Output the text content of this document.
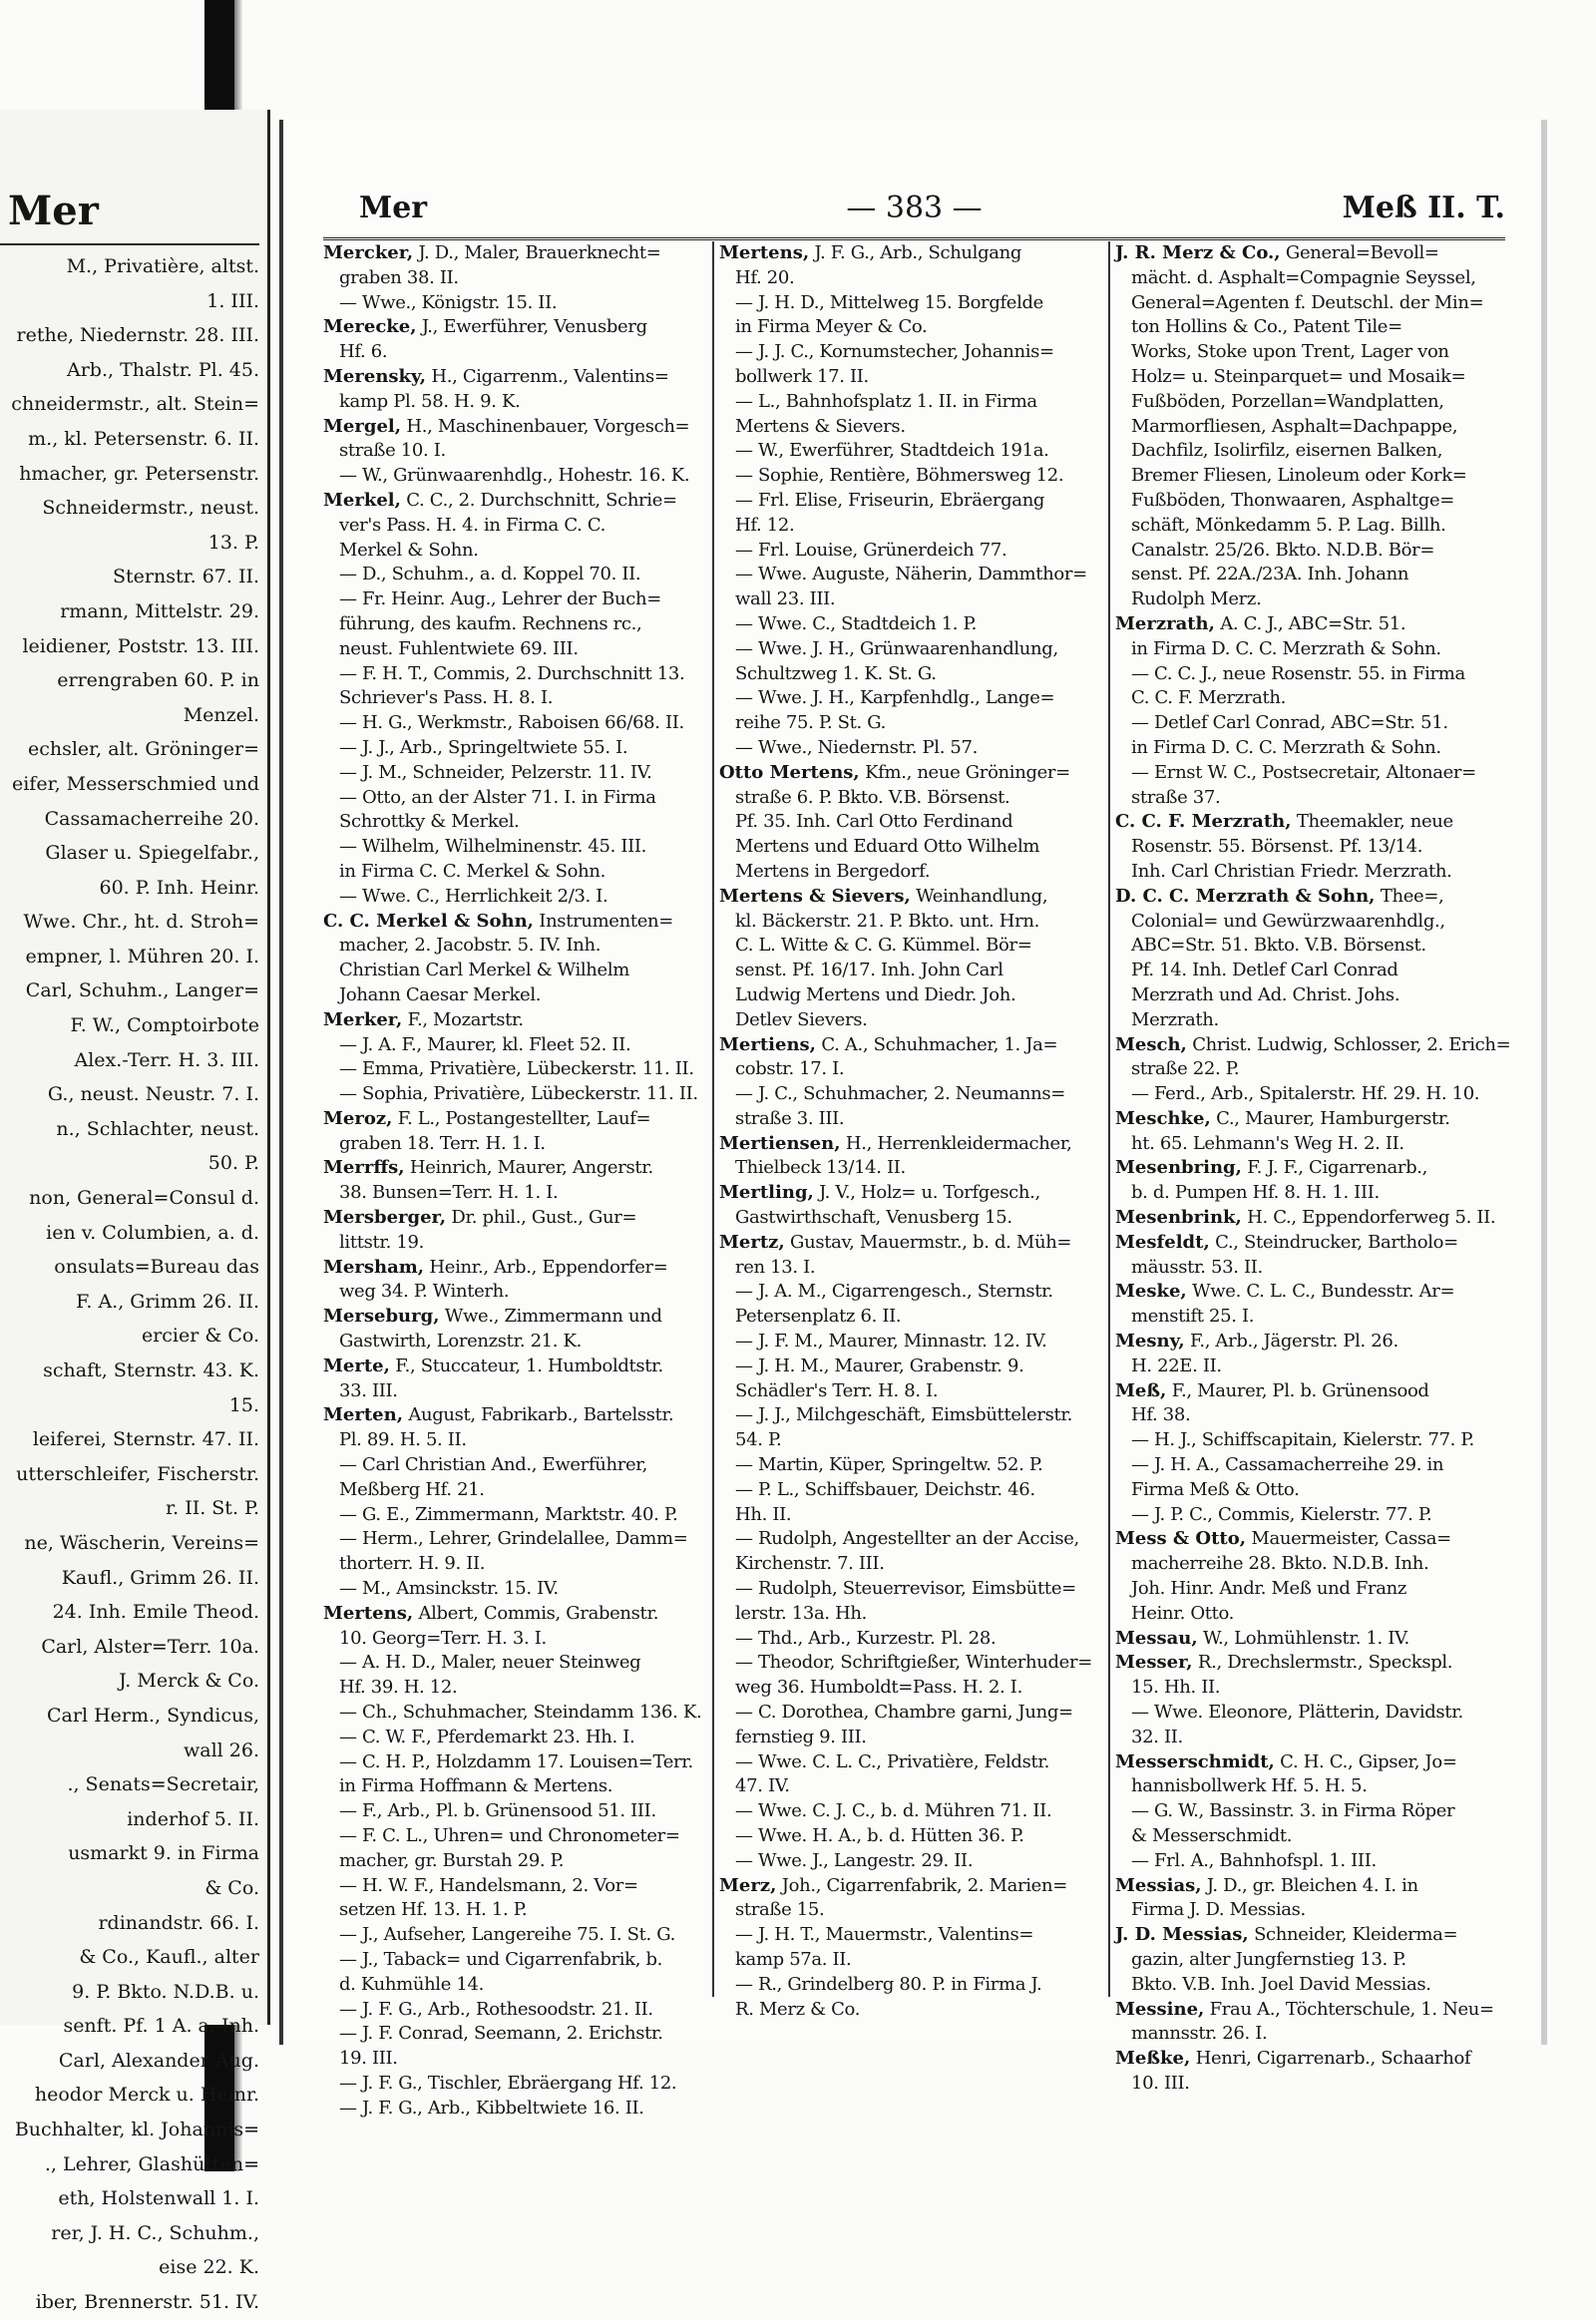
Mer
M., Privatière, altst.
1. III.
rethe, Niedernstr. 28. III.
Arb., Thalstr. Pl. 45.
chneidermstr., alt. Stein=
m., kl. Petersenstr. 6. II.
hmacher, gr. Petersenstr.
Schneidermstr., neust.
13. P.
Sternstr. 67. II.
rmann, Mittelstr. 29.
leidiener, Poststr. 13. III.
errengraben 60. P. in
Menzel.
echsler, alt. Gröninger=
eifer, Messerschmied und
Cassamacherreihe 20.
Glaser u. Spiegelfabr.,
60. P. Inh. Heinr.
Wwe. Chr., ht. d. Stroh=
empner, l. Mühren 20. I.
Carl, Schuhm., Langer=
F. W., Comptoirbote
Alex.-Terr. H. 3. III.
G., neust. Neustr. 7. I.
n., Schlachter, neust.
50. P.
non, General=Consul d.
ien v. Columbien, a. d.
onsulats=Bureau das
F. A., Grimm 26. II.
ercier & Co.
schaft, Sternstr. 43. K.
15.
leiferei, Sternstr. 47. II.
utterschleifer, Fischerstr.
r. II. St. P.
ne, Wäscherin, Vereins=
Kaufl., Grimm 26. II.
24. Inh. Emile Theod.
Carl, Alster=Terr. 10a.
J. Merck & Co.
Carl Herm., Syndicus,
wall 26.
., Senats=Secretair,
inderhof 5. II.
usmarkt 9. in Firma
& Co.
rdinandstr. 66. I.
& Co., Kaufl., alter
9. P. Bkto. N.D.B. u.
senft. Pf. 1 A. a. Inh.
Carl, Alexander Aug.
heodor Merck u. Heinr.
Buchhalter, kl. Johannis=
., Lehrer, Glashütten=
eth, Holstenwall 1. I.
rer, J. H. C., Schuhm.,
eise 22. K.
iber, Brennerstr. 51. IV.
Mer	— 383 —	Meß II. T.
Mercker, J. D., Maler, Brauerknecht=
graben 38. II.
— Wwe., Königstr. 15. II.
Merecke, J., Ewerführer, Venusberg
Hf. 6.
Merensky, H., Cigarrenm., Valentins=
kamp Pl. 58. H. 9. K.
Mergel, H., Maschinenbauer, Vorgesch=
straße 10. I.
— W., Grünwaarenhdlg., Hohestr. 16. K.
Merkel, C. C., 2. Durchschnitt, Schrie=
ver's Pass. H. 4. in Firma C. C.
Merkel & Sohn.
— D., Schuhm., a. d. Koppel 70. II.
— Fr. Heinr. Aug., Lehrer der Buch=
führung, des kaufm. Rechnens rc.,
neust. Fuhlentwiete 69. III.
— F. H. T., Commis, 2. Durchschnitt 13.
Schriever's Pass. H. 8. I.
— H. G., Werkmstr., Raboisen 66/68. II.
— J. J., Arb., Springeltwiete 55. I.
— J. M., Schneider, Pelzerstr. 11. IV.
— Otto, an der Alster 71. I. in Firma
Schrottky & Merkel.
— Wilhelm, Wilhelminenstr. 45. III.
in Firma C. C. Merkel & Sohn.
— Wwe. C., Herrlichkeit 2/3. I.
C. C. Merkel & Sohn, Instrumenten=
macher, 2. Jacobstr. 5. IV. Inh.
Christian Carl Merkel & Wilhelm
Johann Caesar Merkel.
Merker, F., Mozartstr.
— J. A. F., Maurer, kl. Fleet 52. II.
— Emma, Privatière, Lübeckerstr. 11. II.
— Sophia, Privatière, Lübeckerstr. 11. II.
Meroz, F. L., Postangestellter, Lauf=
graben 18. Terr. H. 1. I.
Merrffs, Heinrich, Maurer, Angerstr.
38. Bunsen=Terr. H. 1. I.
Mersberger, Dr. phil., Gust., Gur=
littstr. 19.
Mersham, Heinr., Arb., Eppendorfer=
weg 34. P. Winterh.
Merseburg, Wwe., Zimmermann und
Gastwirth, Lorenzstr. 21. K.
Merte, F., Stuccateur, 1. Humboldtstr.
33. III.
Merten, August, Fabrikarb., Bartelsstr.
Pl. 89. H. 5. II.
— Carl Christian And., Ewerführer,
Meßberg Hf. 21.
— G. E., Zimmermann, Marktstr. 40. P.
— Herm., Lehrer, Grindelallee, Damm=
thorterr. H. 9. II.
— M., Amsinckstr. 15. IV.
Mertens, Albert, Commis, Grabenstr.
10. Georg=Terr. H. 3. I.
— A. H. D., Maler, neuer Steinweg
Hf. 39. H. 12.
— Ch., Schuhmacher, Steindamm 136. K.
— C. W. F., Pferdemarkt 23. Hh. I.
— C. H. P., Holzdamm 17. Louisen=Terr.
in Firma Hoffmann & Mertens.
— F., Arb., Pl. b. Grünensood 51. III.
— F. C. L., Uhren= und Chronometer=
macher, gr. Burstah 29. P.
— H. W. F., Handelsmann, 2. Vor=
setzen Hf. 13. H. 1. P.
— J., Aufseher, Langereihe 75. I. St. G.
— J., Taback= und Cigarrenfabrik, b.
d. Kuhmühle 14.
— J. F. G., Arb., Rothesoodstr. 21. II.
— J. F. Conrad, Seemann, 2. Erichstr.
19. III.
— J. F. G., Tischler, Ebräergang Hf. 12.
— J. F. G., Arb., Kibbeltwiete 16. II.
Mertens, J. F. G., Arb., Schulgang
Hf. 20.
— J. H. D., Mittelweg 15. Borgfelde
in Firma Meyer & Co.
— J. J. C., Kornumstecher, Johannis=
bollwerk 17. II.
— L., Bahnhofsplatz 1. II. in Firma
Mertens & Sievers.
— W., Ewerführer, Stadtdeich 191a.
— Sophie, Rentière, Böhmersweg 12.
— Frl. Elise, Friseurin, Ebräergang
Hf. 12.
— Frl. Louise, Grünerdeich 77.
— Wwe. Auguste, Näherin, Dammthor=
wall 23. III.
— Wwe. C., Stadtdeich 1. P.
— Wwe. J. H., Grünwaarenhandlung,
Schultzweg 1. K. St. G.
— Wwe. J. H., Karpfenhdlg., Lange=
reihe 75. P. St. G.
— Wwe., Niedernstr. Pl. 57.
Otto Mertens, Kfm., neue Gröninger=
straße 6. P. Bkto. V.B. Börsenst.
Pf. 35. Inh. Carl Otto Ferdinand
Mertens und Eduard Otto Wilhelm
Mertens in Bergedorf.
Mertens & Sievers, Weinhandlung,
kl. Bäckerstr. 21. P. Bkto. unt. Hrn.
C. L. Witte & C. G. Kümmel. Bör=
senst. Pf. 16/17. Inh. John Carl
Ludwig Mertens und Diedr. Joh.
Detlev Sievers.
Mertiens, C. A., Schuhmacher, 1. Ja=
cobstr. 17. I.
— J. C., Schuhmacher, 2. Neumanns=
straße 3. III.
Mertiensen, H., Herrenkleidermacher,
Thielbeck 13/14. II.
Mertling, J. V., Holz= u. Torfgesch.,
Gastwirthschaft, Venusberg 15.
Mertz, Gustav, Mauermstr., b. d. Müh=
ren 13. I.
— J. A. M., Cigarrengesch., Sternstr.
Petersenplatz 6. II.
— J. F. M., Maurer, Minnastr. 12. IV.
— J. H. M., Maurer, Grabenstr. 9.
Schädler's Terr. H. 8. I.
— J. J., Milchgeschäft, Eimsbüttelerstr.
54. P.
— Martin, Küper, Springeltw. 52. P.
— P. L., Schiffsbauer, Deichstr. 46.
Hh. II.
— Rudolph, Angestellter an der Accise,
Kirchenstr. 7. III.
— Rudolph, Steuerrevisor, Eimsbütte=
lerstr. 13a. Hh.
— Thd., Arb., Kurzestr. Pl. 28.
— Theodor, Schriftgießer, Winterhuder=
weg 36. Humboldt=Pass. H. 2. I.
— C. Dorothea, Chambre garni, Jung=
fernstieg 9. III.
— Wwe. C. L. C., Privatière, Feldstr.
47. IV.
— Wwe. C. J. C., b. d. Mühren 71. II.
— Wwe. H. A., b. d. Hütten 36. P.
— Wwe. J., Langestr. 29. II.
Merz, Joh., Cigarrenfabrik, 2. Marien=
straße 15.
— J. H. T., Mauermstr., Valentins=
kamp 57a. II.
— R., Grindelberg 80. P. in Firma J.
R. Merz & Co.
J. R. Merz & Co., General=Bevoll=
mächt. d. Asphalt=Compagnie Seyssel,
General=Agenten f. Deutschl. der Min=
ton Hollins & Co., Patent Tile=
Works, Stoke upon Trent, Lager von
Holz= u. Steinparquet= und Mosaik=
Fußböden, Porzellan=Wandplatten,
Marmorfliesen, Asphalt=Dachpappe,
Dachfilz, Isolirfilz, eisernen Balken,
Bremer Fliesen, Linoleum oder Kork=
Fußböden, Thonwaaren, Asphaltge=
schäft, Mönkedamm 5. P. Lag. Billh.
Canalstr. 25/26. Bkto. N.D.B. Bör=
senst. Pf. 22A./23A. Inh. Johann
Rudolph Merz.
Merzrath, A. C. J., ABC=Str. 51.
in Firma D. C. C. Merzrath & Sohn.
— C. C. J., neue Rosenstr. 55. in Firma
C. C. F. Merzrath.
— Detlef Carl Conrad, ABC=Str. 51.
in Firma D. C. C. Merzrath & Sohn.
— Ernst W. C., Postsecretair, Altonaer=
straße 37.
C. C. F. Merzrath, Theemakler, neue
Rosenstr. 55. Börsenst. Pf. 13/14.
Inh. Carl Christian Friedr. Merzrath.
D. C. C. Merzrath & Sohn, Thee=,
Colonial= und Gewürzwaarenhdlg.,
ABC=Str. 51. Bkto. V.B. Börsenst.
Pf. 14. Inh. Detlef Carl Conrad
Merzrath und Ad. Christ. Johs.
Merzrath.
Mesch, Christ. Ludwig, Schlosser, 2. Erich=
straße 22. P.
— Ferd., Arb., Spitalerstr. Hf. 29. H. 10.
Meschke, C., Maurer, Hamburgerstr.
ht. 65. Lehmann's Weg H. 2. II.
Mesenbring, F. J. F., Cigarrenarb.,
b. d. Pumpen Hf. 8. H. 1. III.
Mesenbrink, H. C., Eppendorferweg 5. II.
Mesfeldt, C., Steindrucker, Bartholo=
mäusstr. 53. II.
Meske, Wwe. C. L. C., Bundesstr. Ar=
menstift 25. I.
Mesny, F., Arb., Jägerstr. Pl. 26.
H. 22E. II.
Meß, F., Maurer, Pl. b. Grünensood
Hf. 38.
— H. J., Schiffscapitain, Kielerstr. 77. P.
— J. H. A., Cassamacherreihe 29. in
Firma Meß & Otto.
— J. P. C., Commis, Kielerstr. 77. P.
Mess & Otto, Mauermeister, Cassa=
macherreihe 28. Bkto. N.D.B. Inh.
Joh. Hinr. Andr. Meß und Franz
Heinr. Otto.
Messau, W., Lohmühlenstr. 1. IV.
Messer, R., Drechslermstr., Speckspl.
15. Hh. II.
— Wwe. Eleonore, Plätterin, Davidstr.
32. II.
Messerschmidt, C. H. C., Gipser, Jo=
hannisbollwerk Hf. 5. H. 5.
— G. W., Bassinstr. 3. in Firma Röper
& Messerschmidt.
— Frl. A., Bahnhofspl. 1. III.
Messias, J. D., gr. Bleichen 4. I. in
Firma J. D. Messias.
J. D. Messias, Schneider, Kleiderma=
gazin, alter Jungfernstieg 13. P.
Bkto. V.B. Inh. Joel David Messias.
Messine, Frau A., Töchterschule, 1. Neu=
mannsstr. 26. I.
Meßke, Henri, Cigarrenarb., Schaarhof
10. III.
